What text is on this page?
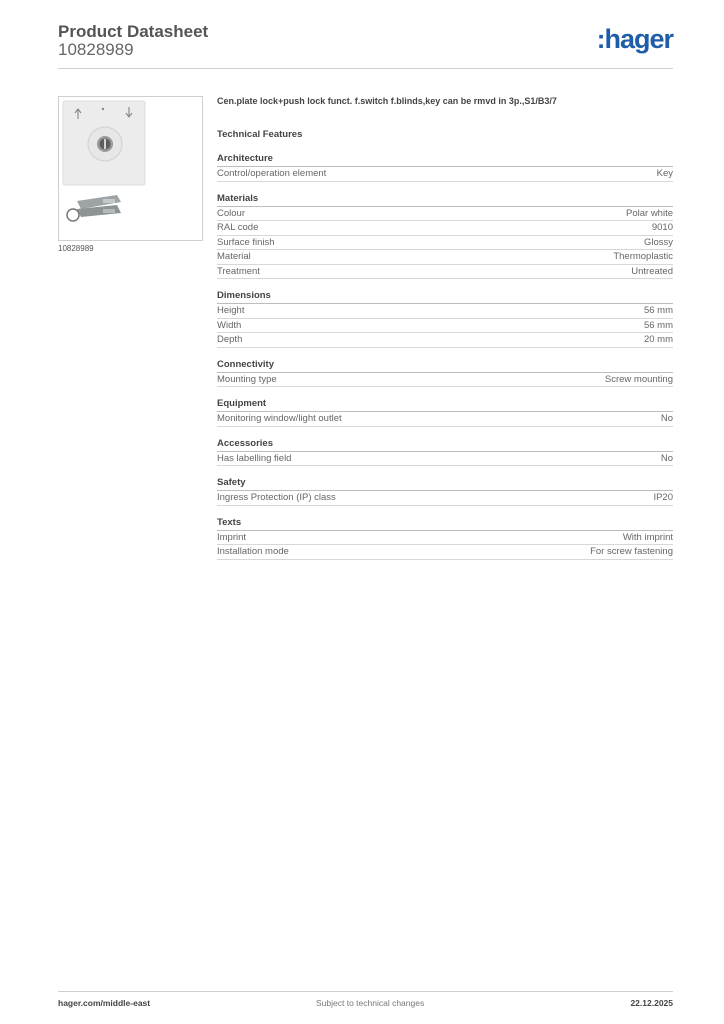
Product Datasheet
10828989	:hager
10828989
Cen.plate lock+push lock funct. f.switch f.blinds,key can be rmvd in 3p.,S1/B3/7
Technical Features
Architecture
Control/operation element	Key
Materials
Colour	Polar white
RAL code	9010
Surface finish	Glossy
Material	Thermoplastic
Treatment	Untreated
Dimensions
Height	56 mm
Width	56 mm
Depth	20 mm
Connectivity
Mounting type	Screw mounting
Equipment
Monitoring window/light outlet	No
Accessories
Has labelling field	No
Safety
Ingress Protection (IP) class	IP20
Texts
Imprint	With imprint
Installation mode	For screw fastening
hager.com/middle-east	Subject to technical changes	22.12.2025
